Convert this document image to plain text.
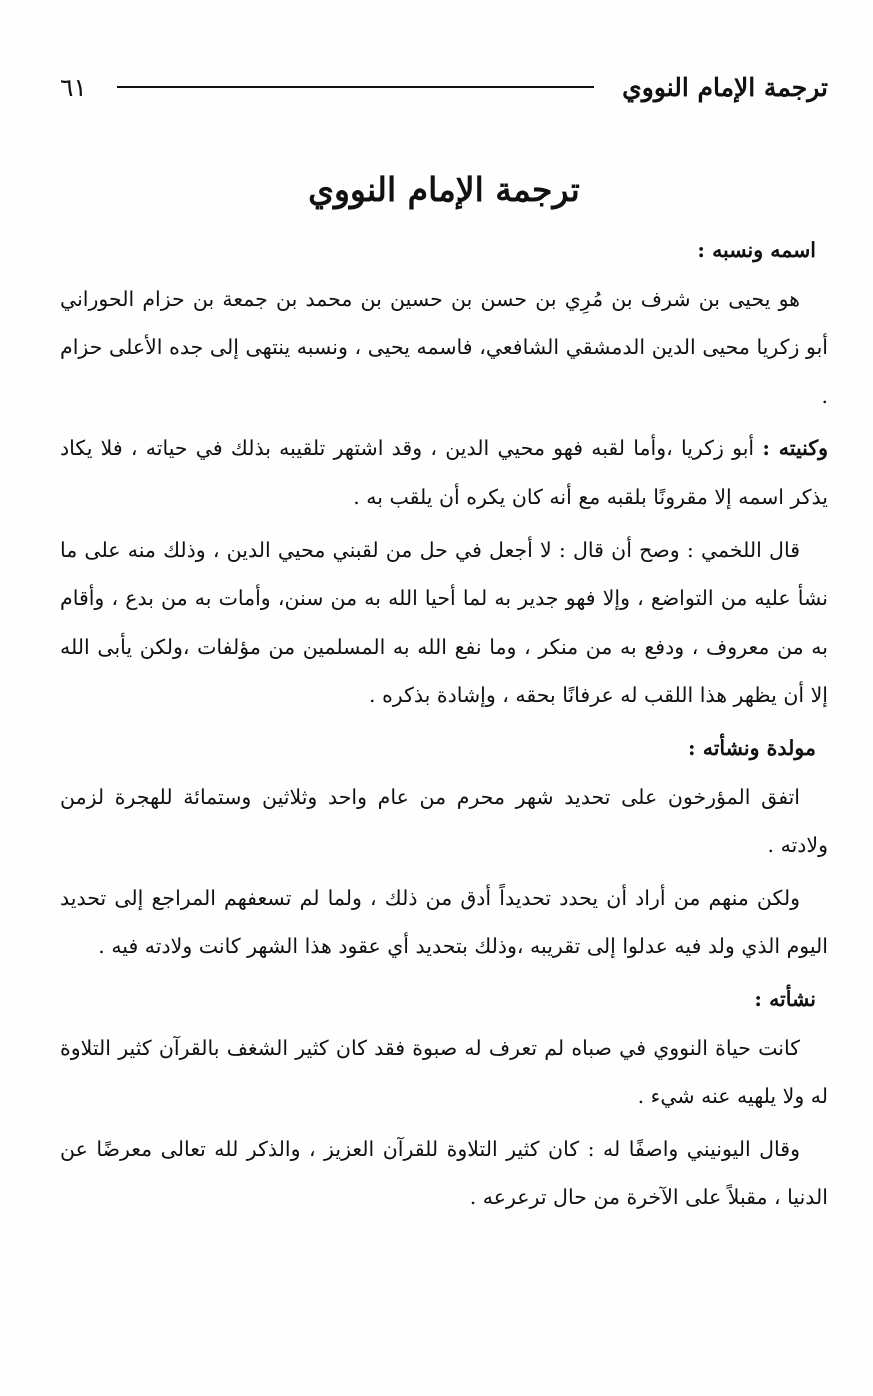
ترجمة الإمام النووي
٦١
ترجمة الإمام النووي

اسمه ونسبه :

هو يحيى بن شرف بن مُرِي بن حسن بن حسين بن محمد بن جمعة بن حزام الحوراني أبو زكريا محيى الدين الدمشقي الشافعي، فاسمه يحيى ، ونسبه ينتهى إلى جده الأعلى حزام .

وكنيته : أبو زكريا ،وأما لقبه فهو محيي الدين ، وقد اشتهر تلقيبه بذلك في حياته ، فلا يكاد يذكر اسمه إلا مقرونًا بلقبه مع أنه كان يكره أن يلقب به .

قال اللخمي : وصح أن قال : لا أجعل في حل من لقبني محيي الدين ، وذلك منه على ما نشأ عليه من التواضع ، وإلا فهو جدير به لما أحيا الله به من سنن، وأمات به من بدع ، وأقام به من معروف ، ودفع به من منكر ، وما نفع الله به المسلمين من مؤلفات ،ولكن يأبى الله إلا أن يظهر هذا اللقب له عرفانًا بحقه ، وإشادة بذكره .

مولدة ونشأته :

اتفق المؤرخون على تحديد شهر محرم من عام واحد وثلاثين وستمائة للهجرة لزمن ولادته .

ولكن منهم من أراد أن يحدد تحديداً أدق من ذلك ، ولما لم تسعفهم المراجع إلى تحديد اليوم الذي ولد فيه عدلوا إلى تقريبه ،وذلك بتحديد أي عقود هذا الشهر كانت ولادته فيه .

نشأته :

كانت حياة النووي في صباه لم تعرف له صبوة فقد كان كثير الشغف بالقرآن كثير التلاوة له ولا يلهيه عنه شيء .

وقال اليونيني واصفًا له : كان كثير التلاوة للقرآن العزيز ، والذكر لله تعالى معرضًا عن الدنيا ، مقبلاً على الآخرة من حال ترعرعه .
